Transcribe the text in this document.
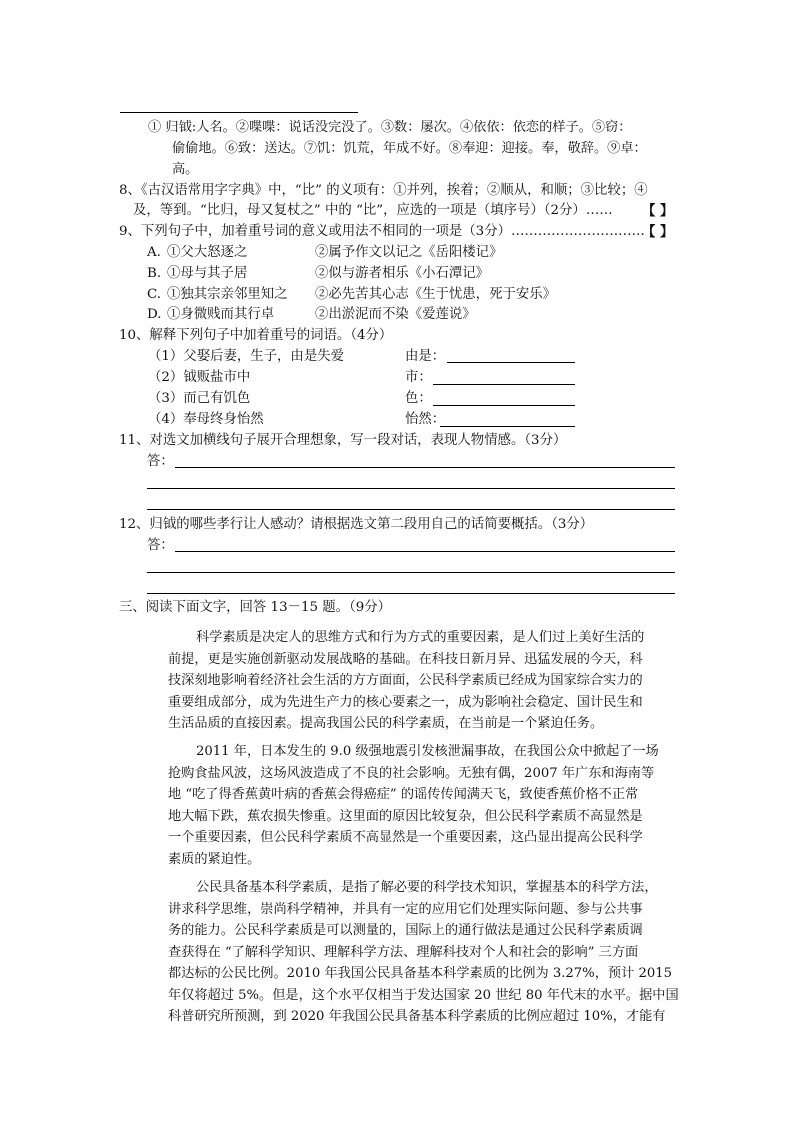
① 归钺:人名。②喋喋：说话没完没了。③数：屡次。④依依：依恋的样子。⑤窃：
偷偷地。⑥致：送达。⑦饥：饥荒，年成不好。⑧奉迎：迎接。奉，敬辞。⑨卓：
高。
8、《古汉语常用字字典》中，“比” 的义项有：①并列，挨着；②顺从，和顺；③比较；④
及，等到。“比归，母又复杖之” 中的 “比”，应选的一项是（填序号）（2分）…… 【 】
9、下列句子中，加着重号词的意义或用法不相同的一项是（3分）…………………………
【 】
A. ①父大怒逐之	②属予作文以记之《岳阳楼记》
B. ①母与其子居	②似与游者相乐《小石潭记》
C. ①独其宗亲邻里知之 ②必先苦其心志《生于忧患，死于安乐》
D. ①身微贱而其行卓	②出淤泥而不染《爱莲说》
10、解释下列句子中加着重号的词语。（4分）
（1）父娶后妻，生子，由是失爱	由是：
（2）钺贩盐市中	市：
（3）而己有饥色	色：
（4）奉母终身怡然	怡然：
11、对选文加横线句子展开合理想象，写一段对话，表现人物情感。（3分）
答：
12、归钺的哪些孝行让人感动？请根据选文第二段用自己的话简要概括。（3分）
答：
三、阅读下面文字，回答 13－15 题。（9分）
科学素质是决定人的思维方式和行为方式的重要因素，是人们过上美好生活的
前提，更是实施创新驱动发展战略的基础。在科技日新月异、迅猛发展的今天，科
技深刻地影响着经济社会生活的方方面面，公民科学素质已经成为国家综合实力的
重要组成部分，成为先进生产力的核心要素之一，成为影响社会稳定、国计民生和
生活品质的直接因素。提高我国公民的科学素质，在当前是一个紧迫任务。
2011 年，日本发生的 9.0 级强地震引发核泄漏事故，在我国公众中掀起了一场
抢购食盐风波，这场风波造成了不良的社会影响。无独有偶，2007 年广东和海南等
地 “吃了得香蕉黄叶病的香蕉会得癌症” 的谣传传闻满天飞，致使香蕉价格不正常
地大幅下跌，蕉农损失惨重。这里面的原因比较复杂，但公民科学素质不高显然是
一个重要因素，但公民科学素质不高显然是一个重要因素，这凸显出提高公民科学
素质的紧迫性。
公民具备基本科学素质，是指了解必要的科学技术知识，掌握基本的科学方法，
讲求科学思维，崇尚科学精神，并具有一定的应用它们处理实际问题、参与公共事
务的能力。公民科学素质是可以测量的，国际上的通行做法是通过公民科学素质调
查获得在 “了解科学知识、理解科学方法、理解科技对个人和社会的影响” 三方面
都达标的公民比例。2010 年我国公民具备基本科学素质的比例为 3.27%，预计 2015
年仅将超过 5%。但是，这个水平仅相当于发达国家 20 世纪 80 年代末的水平。据中国
科普研究所预测，到 2020 年我国公民具备基本科学素质的比例应超过 10%，才能有
